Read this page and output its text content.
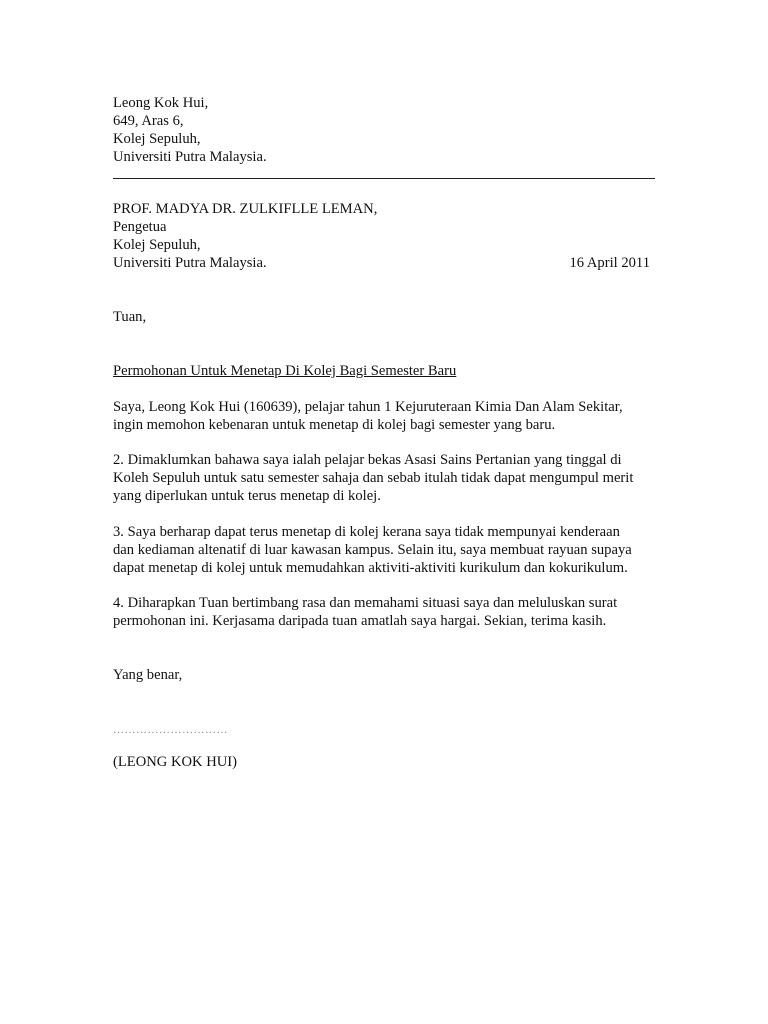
Leong Kok Hui,
649, Aras 6,
Kolej Sepuluh,
Universiti Putra Malaysia.
PROF. MADYA DR. ZULKIFLLE LEMAN,
Pengetua
Kolej Sepuluh,
Universiti Putra Malaysia.	16 April 2011
Tuan,
Permohonan Untuk Menetap Di Kolej Bagi Semester Baru
Saya, Leong Kok Hui (160639), pelajar tahun 1 Kejuruteraan Kimia Dan Alam Sekitar,
ingin memohon kebenaran untuk menetap di kolej bagi semester yang baru.
2. Dimaklumkan bahawa saya ialah pelajar bekas Asasi Sains Pertanian yang tinggal di
Koleh Sepuluh untuk satu semester sahaja dan sebab itulah tidak dapat mengumpul merit
yang diperlukan untuk terus menetap di kolej.
3. Saya berharap dapat terus menetap di kolej kerana saya tidak mempunyai kenderaan
dan kediaman altenatif di luar kawasan kampus. Selain itu, saya membuat rayuan supaya
dapat menetap di kolej untuk memudahkan aktiviti-aktiviti kurikulum dan kokurikulum.
4. Diharapkan Tuan bertimbang rasa dan memahami situasi saya dan meluluskan surat
permohonan ini. Kerjasama daripada tuan amatlah saya hargai. Sekian, terima kasih.
Yang benar,
…………………………
(LEONG KOK HUI)
